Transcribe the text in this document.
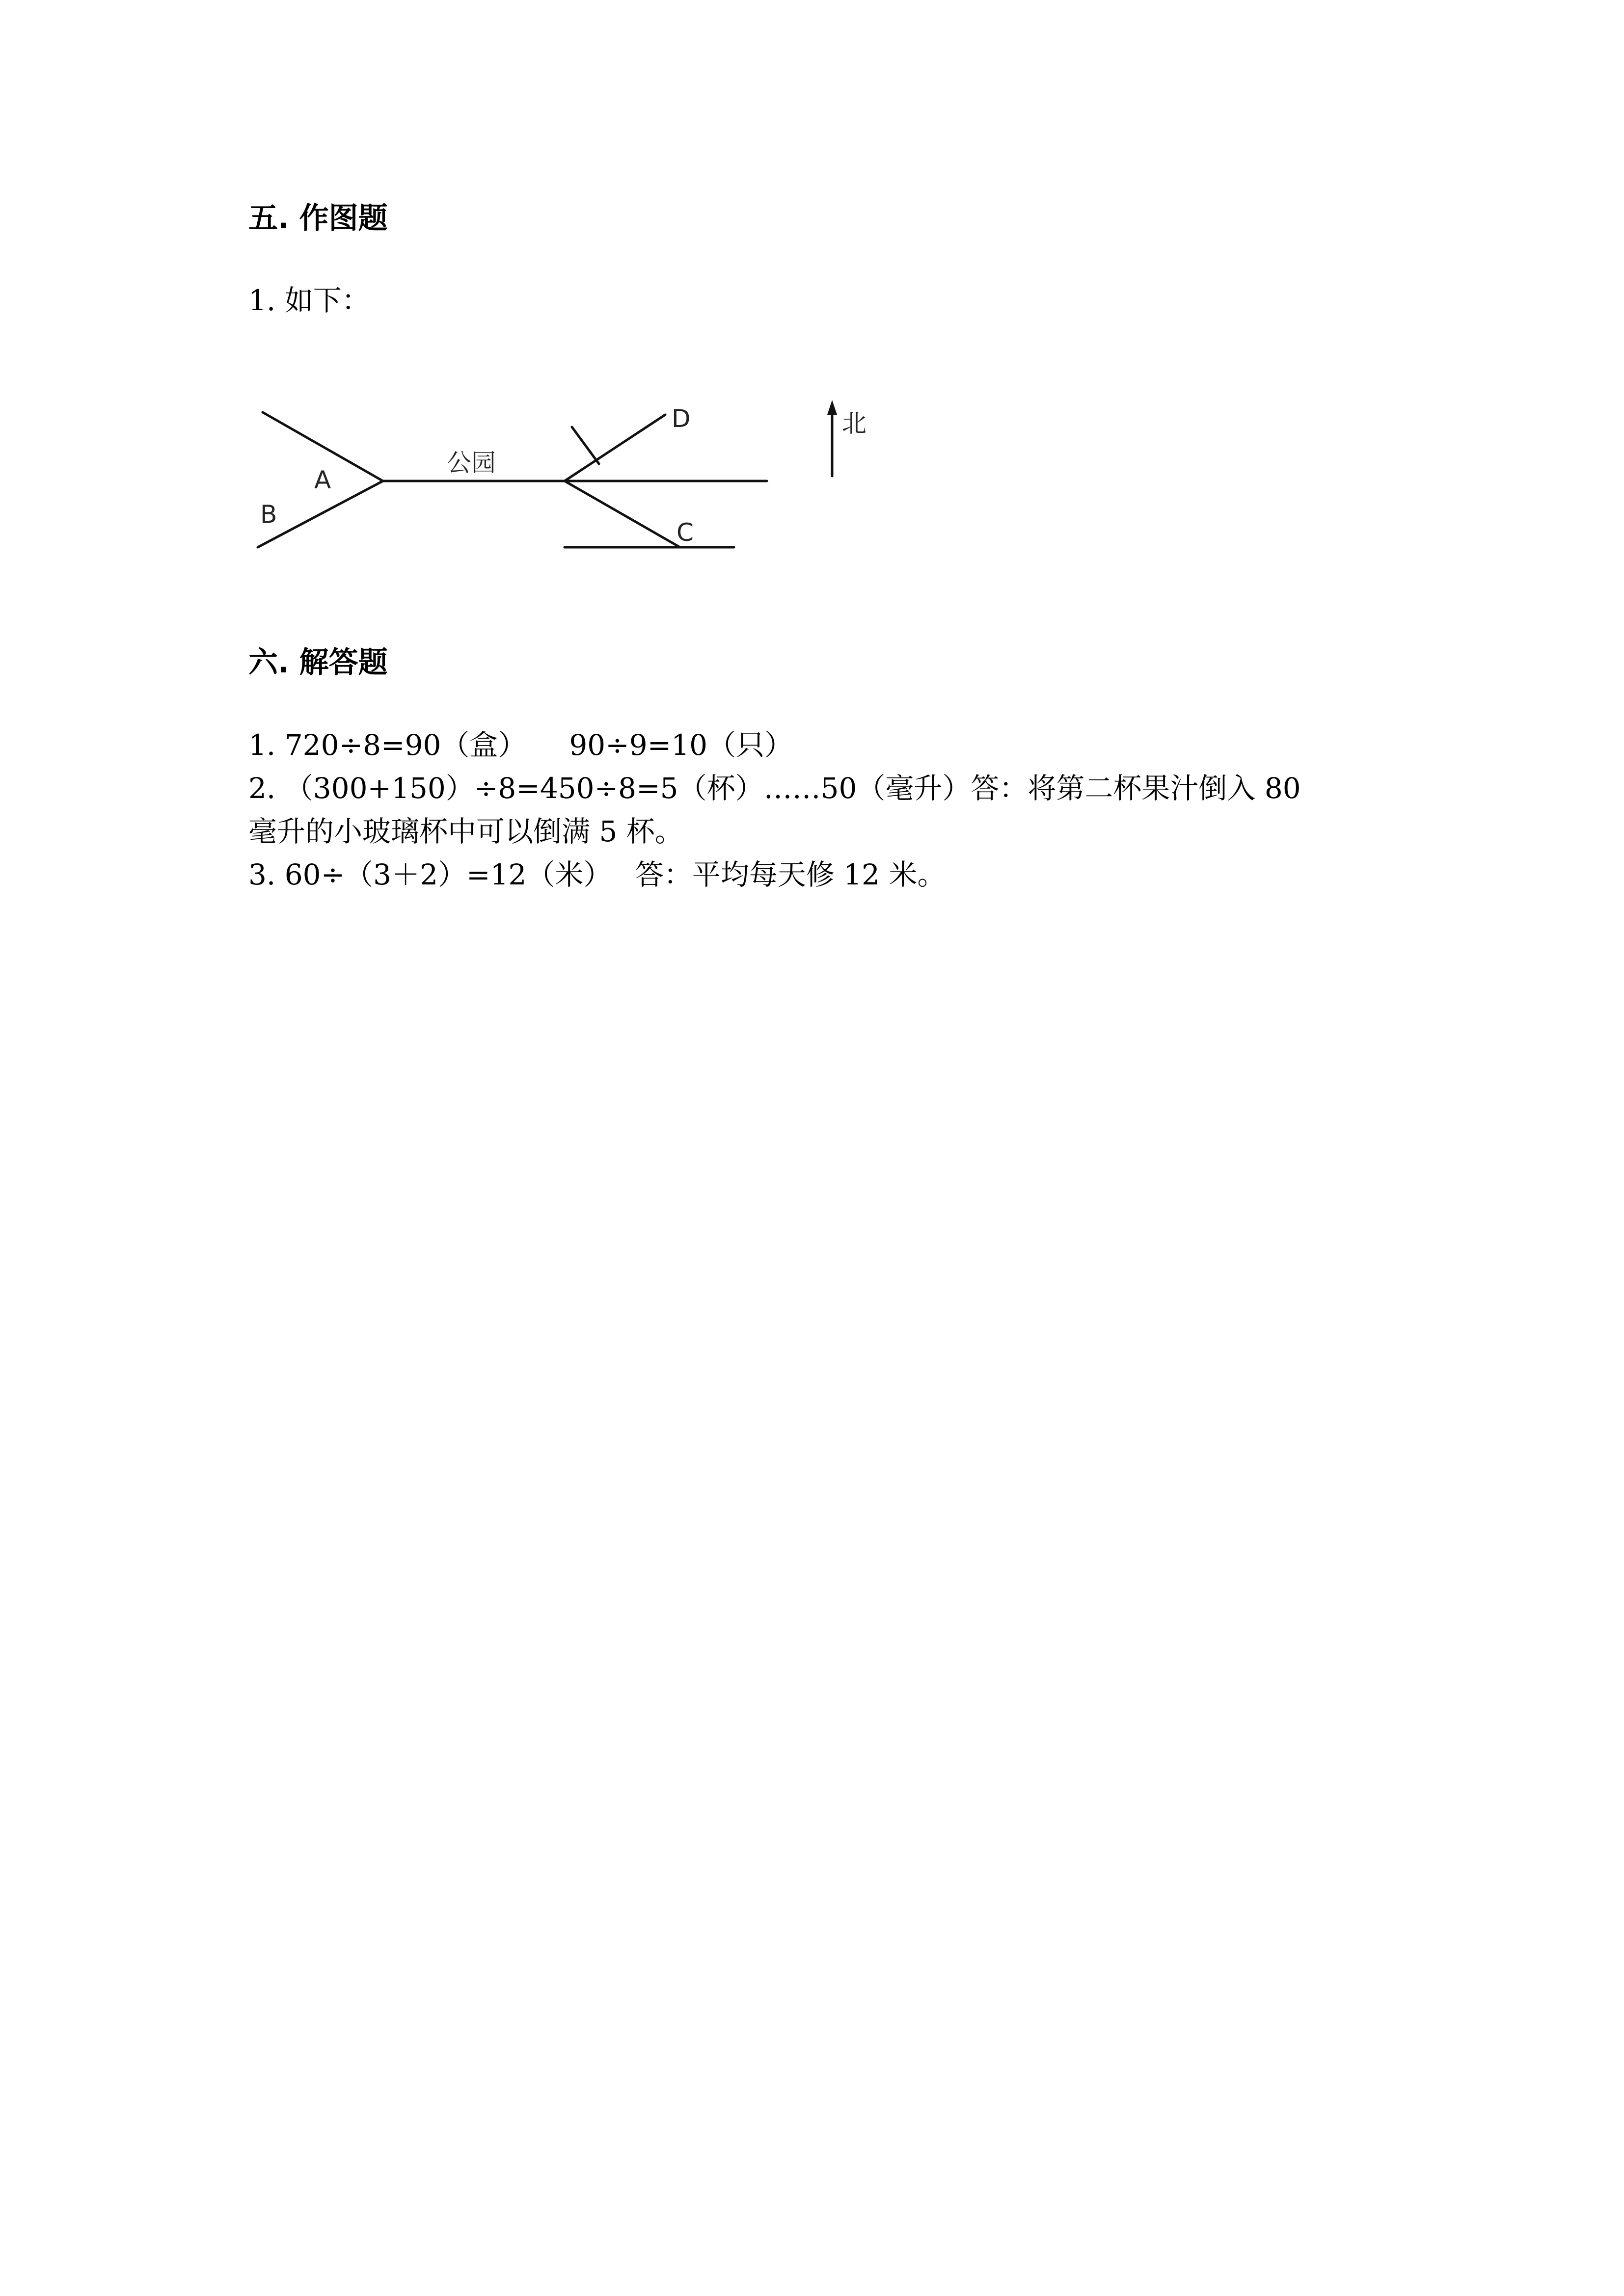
五. 作图题

1. 如下：

A
B
公园
D
C
北
六. 解答题

1. 720÷8=90（盒）　　90÷9=10（只）

2. （300+150）÷8=450÷8=5（杯）……50（毫升）答：将第二杯果汁倒入 80

毫升的小玻璃杯中可以倒满 5 杯。

3. 60÷（3＋2）=12（米）　 答：平均每天修 12 米。
